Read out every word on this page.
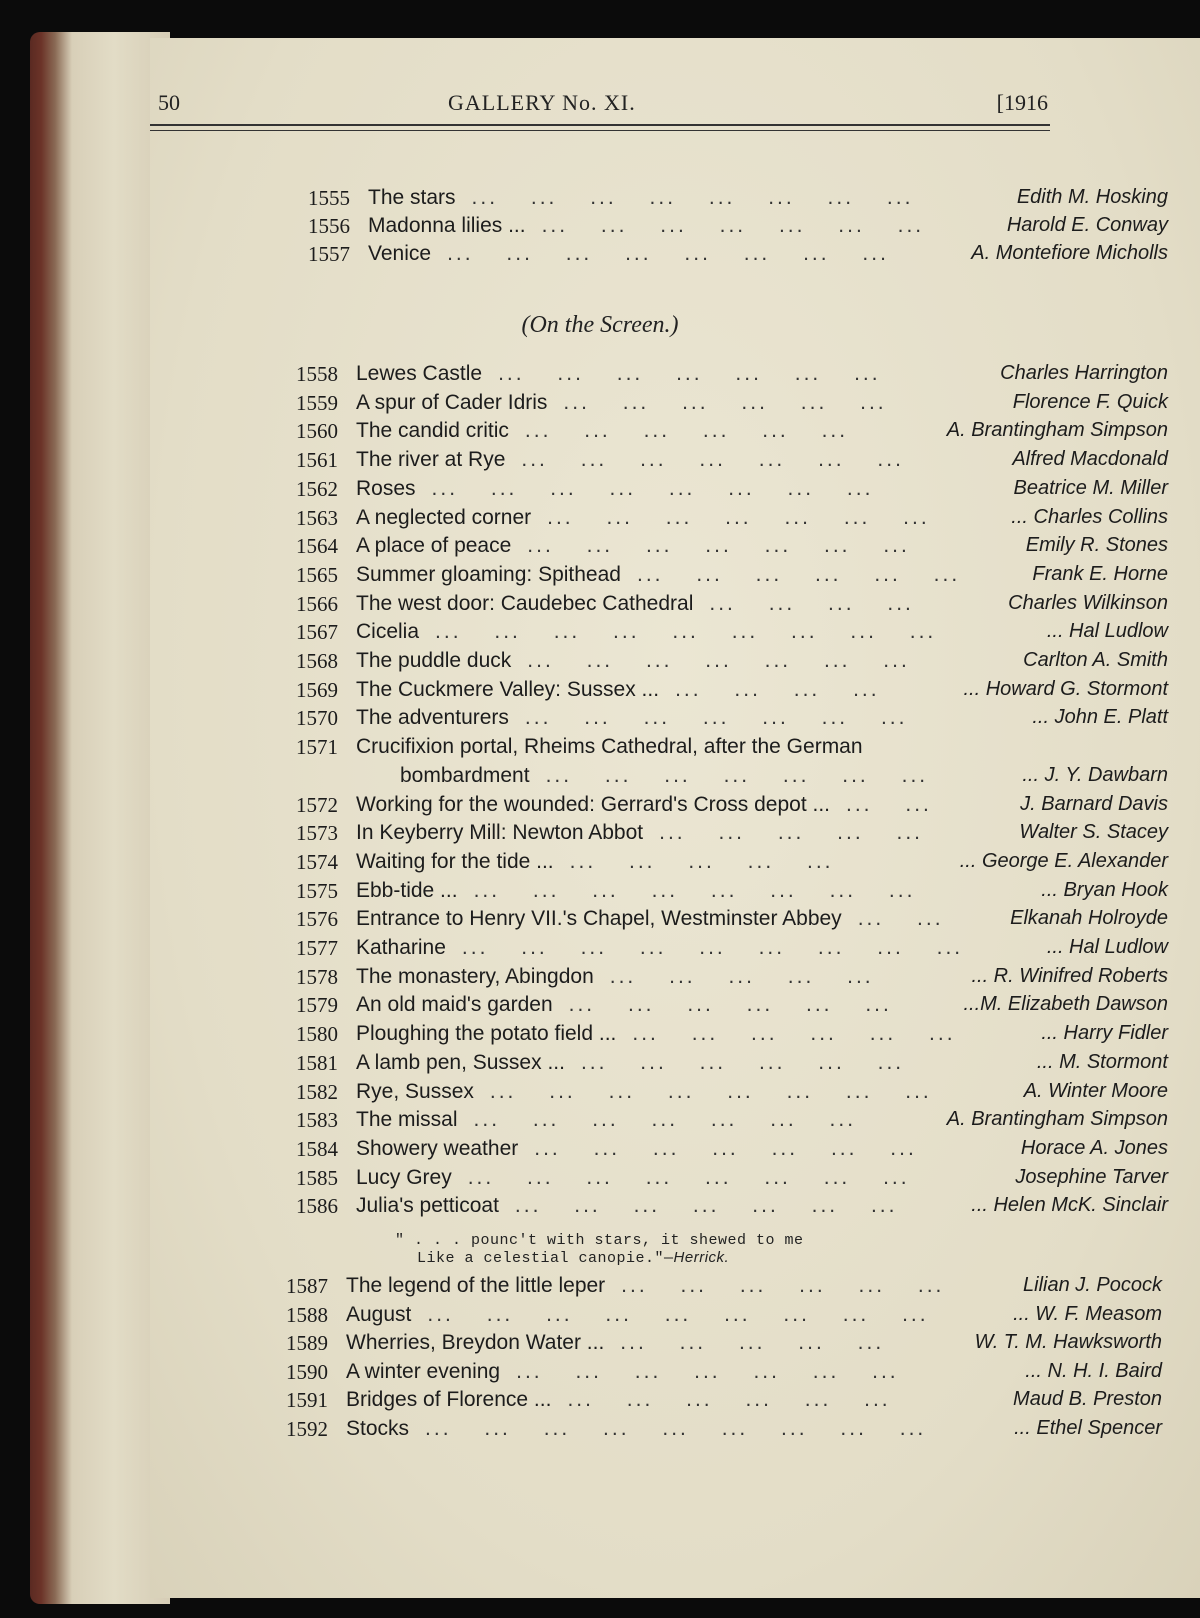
50	GALLERY No. XI.	[1916
1555 The stars	Edith M. Hosking
...  ...  ...  ...  ...  ...  ...  ...
1556 Madonna lilies ...	Harold E. Conway
...  ...  ...  ...  ...  ...  ...
1557 Venice	A. Montefiore Micholls
...  ...  ...  ...  ...  ...  ...  ...
(On the Screen.)
1558 Lewes Castle	Charles Harrington
...  ...  ...  ...  ...  ...  ...
1559 A spur of Cader Idris	Florence F. Quick
...  ...  ...  ...  ...  ...
1560 The candid critic	A. Brantingham Simpson
...  ...  ...  ...  ...  ...
1561 The river at Rye	Alfred Macdonald
...  ...  ...  ...  ...  ...  ...
1562 Roses	Beatrice M. Miller
...  ...  ...  ...  ...  ...  ...  ...
1563 A neglected corner	... Charles Collins
...  ...  ...  ...  ...  ...  ...
1564 A place of peace	Emily R. Stones
...  ...  ...  ...  ...  ...  ...
1565 Summer gloaming: Spithead	Frank E. Horne
...  ...  ...  ...  ...  ...
1566 The west door: Caudebec Cathedral	Charles Wilkinson
...  ...  ...  ...
1567 Cicelia	... Hal Ludlow
...  ...  ...  ...  ...  ...  ...  ...  ...
1568 The puddle duck	Carlton A. Smith
...  ...  ...  ...  ...  ...  ...
1569 The Cuckmere Valley: Sussex ...	... Howard G. Stormont
...  ...  ...  ...
1570 The adventurers	... John E. Platt
...  ...  ...  ...  ...  ...  ...
1571 Crucifixion portal, Rheims Cathedral, after the German
bombardment	... J. Y. Dawbarn
...  ...  ...  ...  ...  ...  ...
1572 Working for the wounded: Gerrard's Cross depot ...	J. Barnard Davis
...  ...
1573 In Keyberry Mill: Newton Abbot	Walter S. Stacey
...  ...  ...  ...  ...
1574 Waiting for the tide ...	... George E. Alexander
...  ...  ...  ...  ...
1575 Ebb-tide ...	... Bryan Hook
...  ...  ...  ...  ...  ...  ...  ...
1576 Entrance to Henry VII.'s Chapel, Westminster Abbey	Elkanah Holroyde
...  ...
1577 Katharine	... Hal Ludlow
...  ...  ...  ...  ...  ...  ...  ...  ...
1578 The monastery, Abingdon	... R. Winifred Roberts
...  ...  ...  ...  ...
1579 An old maid's garden	...M. Elizabeth Dawson
...  ...  ...  ...  ...  ...
1580 Ploughing the potato field ...	... Harry Fidler
...  ...  ...  ...  ...  ...
1581 A lamb pen, Sussex ...	... M. Stormont
...  ...  ...  ...  ...  ...
1582 Rye, Sussex	A. Winter Moore
...  ...  ...  ...  ...  ...  ...  ...
1583 The missal	A. Brantingham Simpson
...  ...  ...  ...  ...  ...  ...
1584 Showery weather	Horace A. Jones
...  ...  ...  ...  ...  ...  ...
1585 Lucy Grey	Josephine Tarver
...  ...  ...  ...  ...  ...  ...  ...
1586 Julia's petticoat	... Helen McK. Sinclair
...  ...  ...  ...  ...  ...  ...
" . . . pounc't with stars, it shewed to me
Like a celestial canopie."—Herrick.
1587 The legend of the little leper	Lilian J. Pocock
...  ...  ...  ...  ...  ...
1588 August	... W. F. Measom
...  ...  ...  ...  ...  ...  ...  ...  ...
1589 Wherries, Breydon Water ...	W. T. M. Hawksworth
...  ...  ...  ...  ...
1590 A winter evening	... N. H. I. Baird
...  ...  ...  ...  ...  ...  ...
1591 Bridges of Florence ...	Maud B. Preston
...  ...  ...  ...  ...  ...
1592 Stocks	... Ethel Spencer
...  ...  ...  ...  ...  ...  ...  ...  ...
